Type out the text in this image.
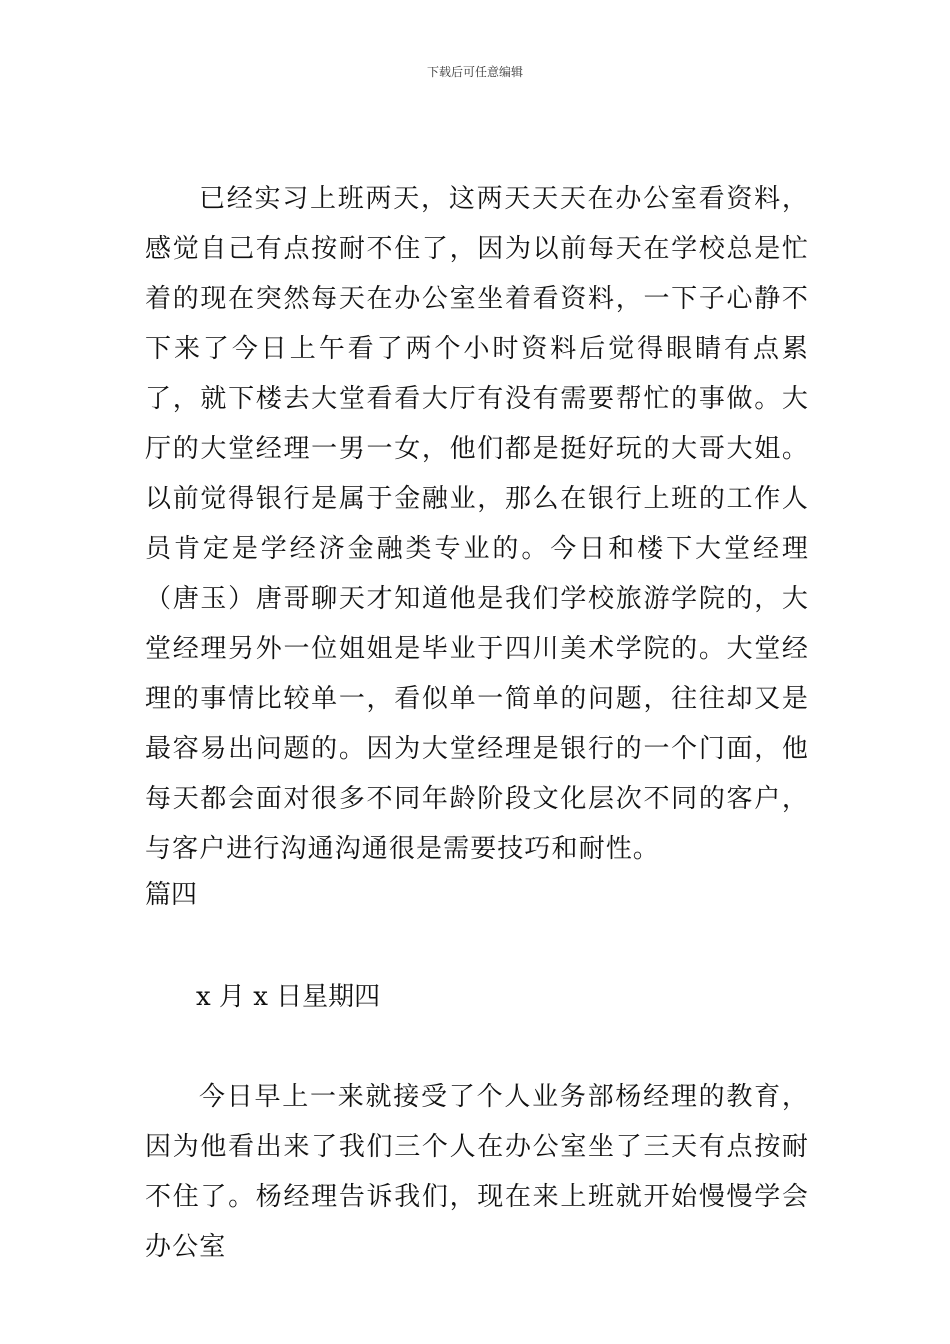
下载后可任意编辑

已经实习上班两天，这两天天天在办公室看资料，感觉自己有点按耐不住了，因为以前每天在学校总是忙着的现在突然每天在办公室坐着看资料，一下子心静不下来了今日上午看了两个小时资料后觉得眼睛有点累了，就下楼去大堂看看大厅有没有需要帮忙的事做。大厅的大堂经理一男一女，他们都是挺好玩的大哥大姐。以前觉得银行是属于金融业，那么在银行上班的工作人员肯定是学经济金融类专业的。今日和楼下大堂经理（唐玉）唐哥聊天才知道他是我们学校旅游学院的，大堂经理另外一位姐姐是毕业于四川美术学院的。大堂经理的事情比较单一，看似单一简单的问题，往往却又是最容易出问题的。因为大堂经理是银行的一个门面，他每天都会面对很多不同年龄阶段文化层次不同的客户，与客户进行沟通沟通很是需要技巧和耐性。

篇四

x 月 x 日星期四

今日早上一来就接受了个人业务部杨经理的教育，因为他看出来了我们三个人在办公室坐了三天有点按耐不住了。杨经理告诉我们，现在来上班就开始慢慢学会办公室
